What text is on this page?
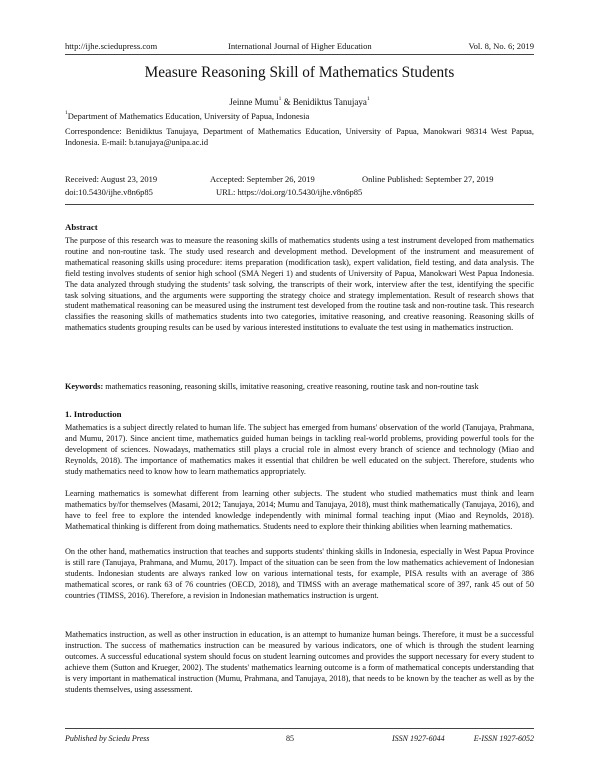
http://ijhe.sciedupress.com	International Journal of Higher Education	Vol. 8, No. 6; 2019
Measure Reasoning Skill of Mathematics Students
Jeinne Mumu$^1$ & Benidiktus Tanujaya$^1$
$^1$Department of Mathematics Education, University of Papua, Indonesia

Correspondence: Benidiktus Tanujaya, Department of Mathematics Education, University of Papua, Manokwari 98314 West Papua, Indonesia. E-mail: b.tanujaya@unipa.ac.id

Received: August 23, 2019	Accepted: September 26, 2019	Online Published: September 27, 2019
doi:10.5430/ijhe.v8n6p85	URL: https://doi.org/10.5430/ijhe.v8n6p85
Abstract

The purpose of this research was to measure the reasoning skills of mathematics students using a test instrument developed from mathematics routine and non-routine task. The study used research and development method. Development of the instrument and measurement of mathematical reasoning skills using procedure: items preparation (modification task), expert validation, field testing, and data analysis. The field testing involves students of senior high school (SMA Negeri 1) and students of University of Papua, Manokwari West Papua Indonesia. The data analyzed through studying the students’ task solving, the transcripts of their work, interview after the test, identifying the specific task solving situations, and the arguments were supporting the strategy choice and strategy implementation. Result of research shows that student mathematical reasoning can be measured using the instrument test developed from the routine task and non-routine task. This research classifies the reasoning skills of mathematics students into two categories, imitative reasoning, and creative reasoning. Reasoning skills of mathematics students grouping results can be used by various interested institutions to evaluate the test using in mathematics instruction.

Keywords: mathematics reasoning, reasoning skills, imitative reasoning, creative reasoning, routine task and non-routine task

1. Introduction

Mathematics is a subject directly related to human life. The subject has emerged from humans' observation of the world (Tanujaya, Prahmana, and Mumu, 2017). Since ancient time, mathematics guided human beings in tackling real-world problems, providing powerful tools for the development of sciences. Nowadays, mathematics still plays a crucial role in almost every branch of science and technology (Miao and Reynolds, 2018). The importance of mathematics makes it essential that children be well educated on the subject. Therefore, students who study mathematics need to know how to learn mathematics appropriately.

Learning mathematics is somewhat different from learning other subjects. The student who studied mathematics must think and learn mathematics by/for themselves (Masami, 2012; Tanujaya, 2014; Mumu and Tanujaya, 2018), must think mathematically (Tanujaya, 2016), and have to feel free to explore the intended knowledge independently with minimal formal teaching input (Miao and Reynolds, 2018). Mathematical thinking is different from doing mathematics. Students need to explore their thinking abilities when learning mathematics.

On the other hand, mathematics instruction that teaches and supports students' thinking skills in Indonesia, especially in West Papua Province is still rare (Tanujaya, Prahmana, and Mumu, 2017). Impact of the situation can be seen from the low mathematics achievement of Indonesian students. Indonesian students are always ranked low on various international tests, for example, PISA results with an average of 386 mathematical scores, or rank 63 of 76 countries (OECD, 2018), and TIMSS with an average mathematical score of 397, rank 45 out of 50 countries (TIMSS, 2016). Therefore, a revision in Indonesian mathematics instruction is urgent.

Mathematics instruction, as well as other instruction in education, is an attempt to humanize human beings. Therefore, it must be a successful instruction. The success of mathematics instruction can be measured by various indicators, one of which is through the student learning outcomes. A successful educational system should focus on student learning outcomes and provides the support necessary for every student to achieve them (Sutton and Krueger, 2002). The students' mathematics learning outcome is a form of mathematical concepts understanding that is very important in mathematical instruction (Mumu, Prahmana, and Tanujaya, 2018), that needs to be known by the teacher as well as by the students themselves, using assessment.

Published by Sciedu Press	85	ISSN 1927-6044	E-ISSN 1927-6052
